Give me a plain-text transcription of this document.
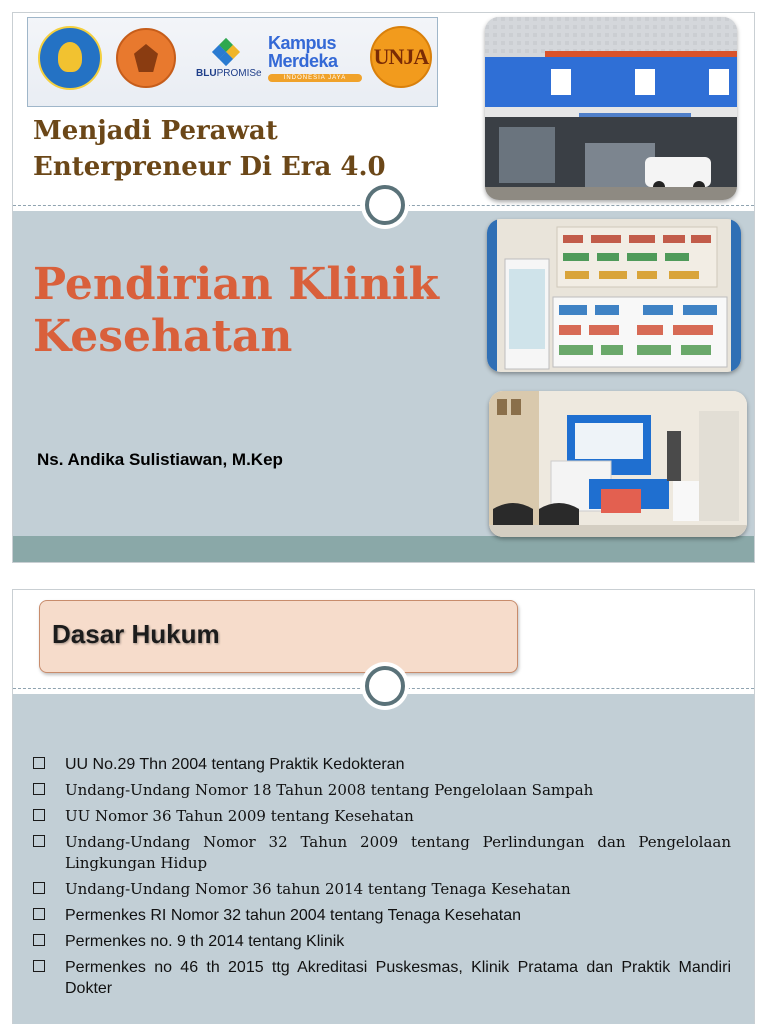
BLUPROMISe
Kampus
Merdeka
INDONESIA JAYA
UNJA
Menjadi Perawat Enterpreneur Di Era 4.0
Pendirian Klinik Kesehatan

Ns. Andika Sulistiawan, M.Kep

Dasar Hukum
UU No.29 Thn 2004 tentang Praktik Kedokteran
Undang-Undang Nomor 18 Tahun 2008 tentang Pengelolaan Sampah
UU Nomor 36 Tahun 2009 tentang Kesehatan
Undang-Undang Nomor 32 Tahun 2009 tentang Perlindungan dan Pengelolaan Lingkungan Hidup
Undang-Undang Nomor 36 tahun 2014 tentang Tenaga Kesehatan
Permenkes RI Nomor 32 tahun 2004 tentang Tenaga Kesehatan
Permenkes no. 9 th 2014 tentang Klinik
Permenkes no 46 th 2015 ttg Akreditasi Puskesmas, Klinik Pratama dan Praktik Mandiri Dokter
